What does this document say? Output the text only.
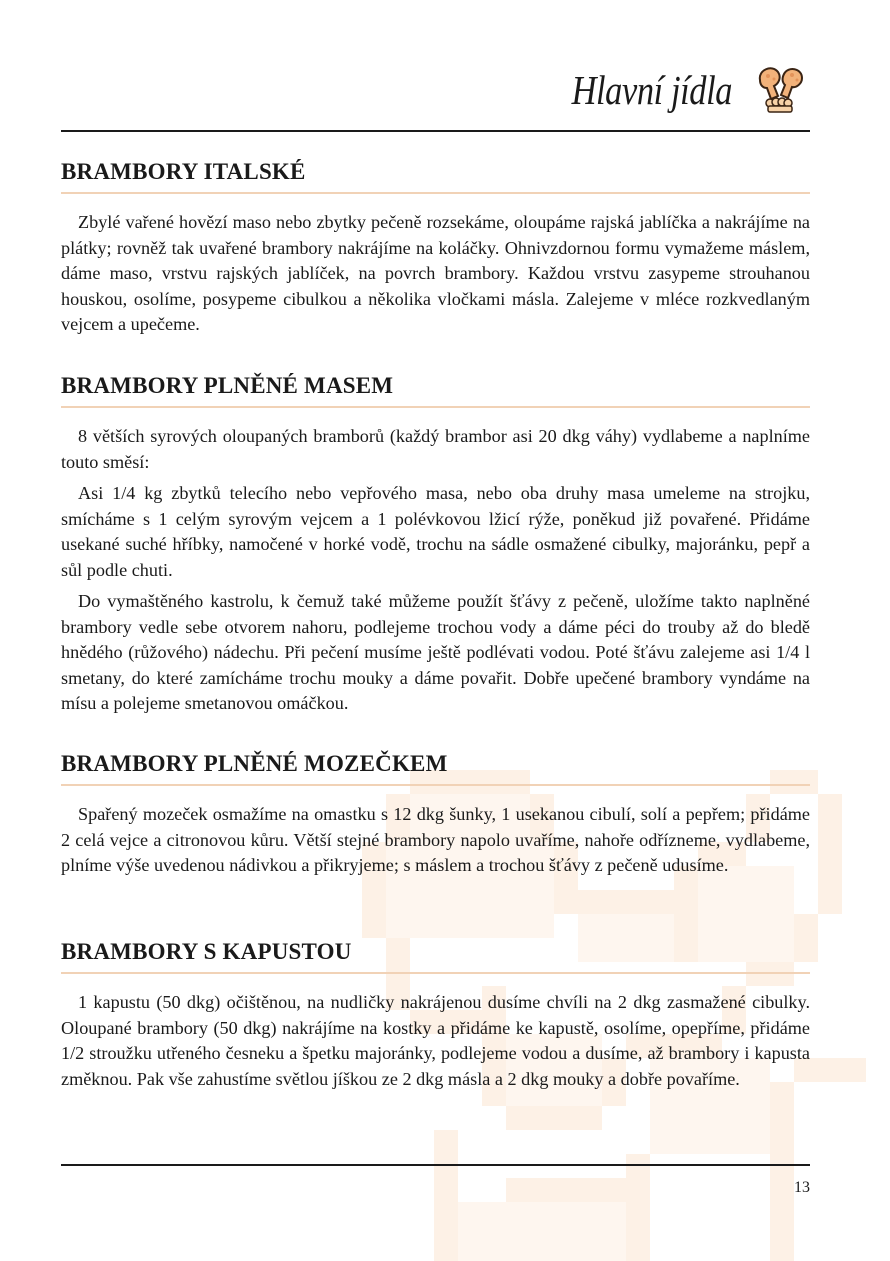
Hlavní jídla
BRAMBORY ITALSKÉ

Zbylé vařené hovězí maso nebo zbytky pečeně rozsekáme, oloupáme rajská jablíčka a nakrájíme na plátky; rovněž tak uvařené brambory nakrájíme na koláčky. Ohnivzdornou formu vymažeme máslem, dáme maso, vrstvu rajských jablíček, na povrch brambory. Každou vrstvu zasypeme strouhanou houskou, osolíme, posypeme cibulkou a několika vločkami másla. Zalejeme v mléce rozkvedlaným vejcem a upečeme.

BRAMBORY PLNĚNÉ MASEM

8 větších syrových oloupaných bramborů (každý brambor asi 20 dkg váhy) vydlabeme a naplníme touto směsí:

Asi 1/4 kg zbytků telecího nebo vepřového masa, nebo oba druhy masa umeleme na strojku, smícháme s 1 celým syrovým vejcem a 1 polévkovou lžicí rýže, poněkud již povařené. Přidáme usekané suché hříbky, namočené v horké vodě, trochu na sádle osmažené cibulky, majoránku, pepř a sůl podle chuti.

Do vymaštěného kastrolu, k čemuž také můžeme použít šťávy z pečeně, uložíme takto naplněné brambory vedle sebe otvorem nahoru, podlejeme trochou vody a dáme péci do trouby až do bledě hnědého (růžového) nádechu. Při pečení musíme ještě podlévati vodou. Poté šťávu zalejeme asi 1/4 l smetany, do které zamícháme trochu mouky a dáme povařit. Dobře upečené brambory vyndáme na mísu a polejeme smetanovou omáčkou.

BRAMBORY PLNĚNÉ MOZEČKEM

Spařený mozeček osmažíme na omastku s 12 dkg šunky, 1 usekanou cibulí, solí a pepřem; přidáme 2 celá vejce a citronovou kůru. Větší stejné brambory napolo uvaříme, nahoře odřízneme, vydlabeme, plníme výše uvedenou nádivkou a přikryjeme; s máslem a trochou šťávy z pečeně udusíme.

BRAMBORY S KAPUSTOU

1 kapustu (50 dkg) očištěnou, na nudličky nakrájenou dusíme chvíli na 2 dkg zasmažené cibulky. Oloupané brambory (50 dkg) nakrájíme na kostky a přidáme ke kapustě, osolíme, opepříme, přidáme 1/2 stroužku utřeného česneku a špetku majoránky, podlejeme vodou a dusíme, až brambory i kapusta změknou. Pak vše zahustíme světlou jíškou ze 2 dkg másla a 2 dkg mouky a dobře povaříme.

13
